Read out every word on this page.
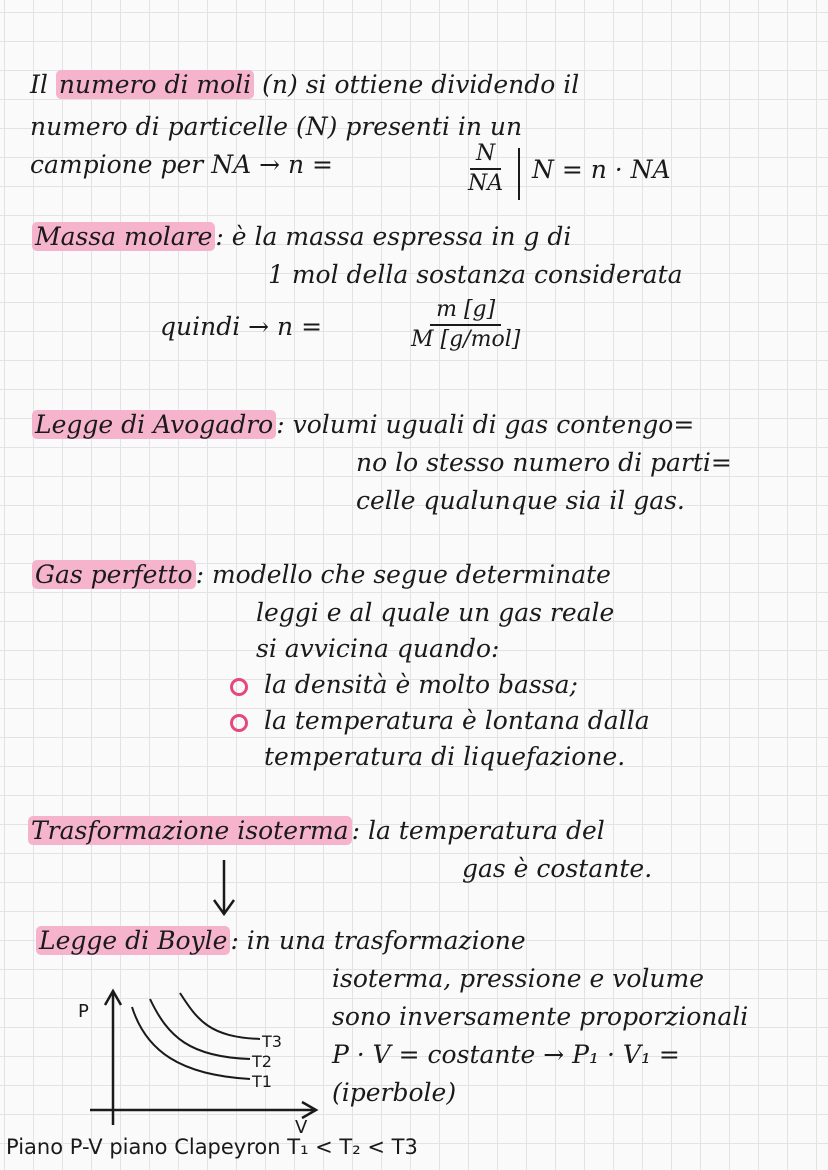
Il numero di moli (n) si ottiene dividendo il
numero di particelle (N) presenti in un
campione per NA → n =	$\frac{N}{NA}$ N = n · NA
Massa molare : è la massa espressa in g di
1 mol della sostanza considerata
quindi → n =
m [g]
M [g/mol]
Legge di Avogadro : volumi uguali di gas contengo=
no lo stesso numero di parti=
celle qualunque sia il gas.
Gas perfetto : modello che segue determinate
leggi e al quale un gas reale
si avvicina quando:
la densità è molto bassa;
la temperatura è lontana dalla
temperatura di liquefazione.
Trasformazione isoterma : la temperatura del
gas è costante.
Legge di Boyle : in una trasformazione
isoterma, pressione e volume
sono inversamente proporzionali
P · V = costante → P₁ · V₁ =
(iperbole)
P
V
T3
T2
T1
Piano P-V piano Clapeyron T₁ < T₂ < T3
